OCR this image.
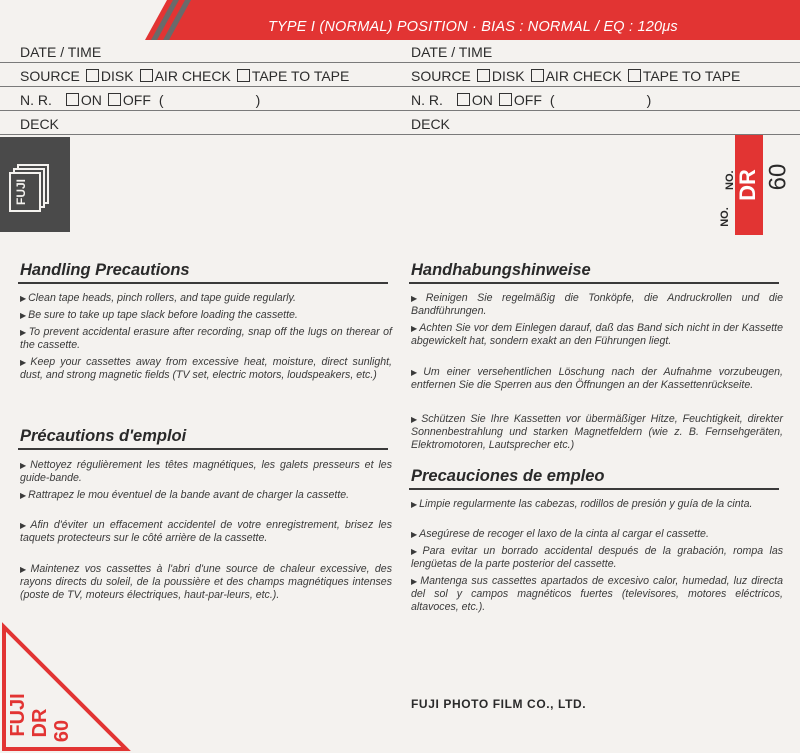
TYPE I (NORMAL) POSITION · BIAS : NORMAL / EQ : 120μs
DATE / TIME
SOURCE DISK AIR CHECK TAPE TO TAPE
N. R. ON OFF (	)
DECK
DATE / TIME
SOURCE DISK AIR CHECK TAPE TO TAPE
N. R. ON OFF (	)
DECK
FUJI	DR 60
NO.
NO.
Handling Precautions
▶ Clean tape heads, pinch rollers, and tape guide regularly.
▶ Be sure to take up tape slack before loading the cassette.
▶ To prevent accidental erasure after recording, snap off the lugs on therear of the cassette.
▶ Keep your cassettes away from excessive heat, moisture, direct sunlight, dust, and strong magnetic fields (TV set, electric motors, loudspeakers, etc.)
Précautions d'emploi
▶ Nettoyez régulièrement les têtes magnétiques, les galets presseurs et les guide-bande.
▶ Rattrapez le mou éventuel de la bande avant de charger la cassette.
▶ Afin d'éviter un effacement accidentel de votre enregistrement, brisez les taquets protecteurs sur le côté arrière de la cassette.
▶ Maintenez vos cassettes à l'abri d'une source de chaleur excessive, des rayons directs du soleil, de la poussière et des champs magnétiques intenses (poste de TV, moteurs électriques, haut-par-leurs, etc.).
Handhabungshinweise
▶ Reinigen Sie regelmäßig die Tonköpfe, die Andruckrollen und die Bandführungen.
▶ Achten Sie vor dem Einlegen darauf, daß das Band sich nicht in der Kassette abgewickelt hat, sondern exakt an den Führungen liegt.
▶ Um einer versehentlichen Löschung nach der Aufnahme vorzubeugen, entfernen Sie die Sperren aus den Öffnungen an der Kassettenrückseite.
▶ Schützen Sie Ihre Kassetten vor übermäßiger Hitze, Feuchtigkeit, direkter Sonnenbestrahlung und starken Magnetfeldern (wie z. B. Fernsehgeräten, Elektromotoren, Lautsprecher etc.)
Precauciones de empleo
▶ Limpie regularmente las cabezas, rodillos de presión y guía de la cinta.
▶ Asegúrese de recoger el laxo de la cinta al cargar el cassette.
▶ Para evitar un borrado accidental después de la grabación, rompa las lengüetas de la parte posterior del cassette.
▶ Mantenga sus cassettes apartados de excesivo calor, humedad, luz directa del sol y campos magnéticos fuertes (televisores, motores eléctricos, altavoces, etc.).
FUJI PHOTO FILM CO., LTD.
FUJI DR 60
